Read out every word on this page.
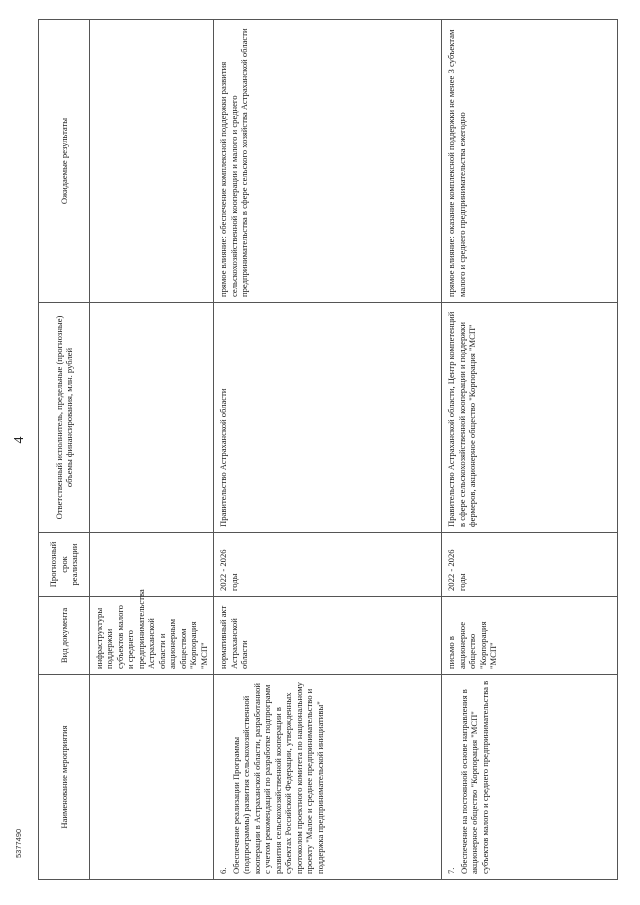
4
Наименование мероприятия	Вид документа	Прогнозный срок реализации	Ответственный исполнитель, предельные (прогнозные) объемы финансирования, млн. рублей	Ожидаемые результаты
	инфраструктуры поддержки субъектов малого и среднего предпринимательства Астраханской области и акционерным обществом "Корпорация "МСП"			

6. Обеспечение реализации Программы (подпрограммы) развития сельскохозяйственной кооперации в Астраханской области, разработанной с учетом рекомендаций по разработке подпрограмм развития сельскохозяйственной кооперации в субъектах Российской Федерации, утвержденных протоколом проектного комитета по национальному проекту "Малое и среднее предпринимательство и поддержка предпринимательской инициативы"	нормативный акт Астраханской области	2022 - 2026 годы	Правительство Астраханской области	прямое влияние: обеспечение комплексной поддержки развития сельскохозяйственной кооперации и малого и среднего предпринимательства в сфере сельского хозяйства Астраханской области

7. Обеспечение на постоянной основе направления в акционерное общество "Корпорация "МСП" субъектов малого и среднего предпринимательства в	письмо в акционерное общество "Корпорация "МСП"	2022 - 2026 годы	Правительство Астраханской области, Центр компетенций в сфере сельскохозяйственной кооперации и поддержки фермеров, акционерное общество "Корпорация "МСП"	прямое влияние: оказание комплексной поддержки не менее 3 субъектам малого и среднего предпринимательства ежегодно
5377490
